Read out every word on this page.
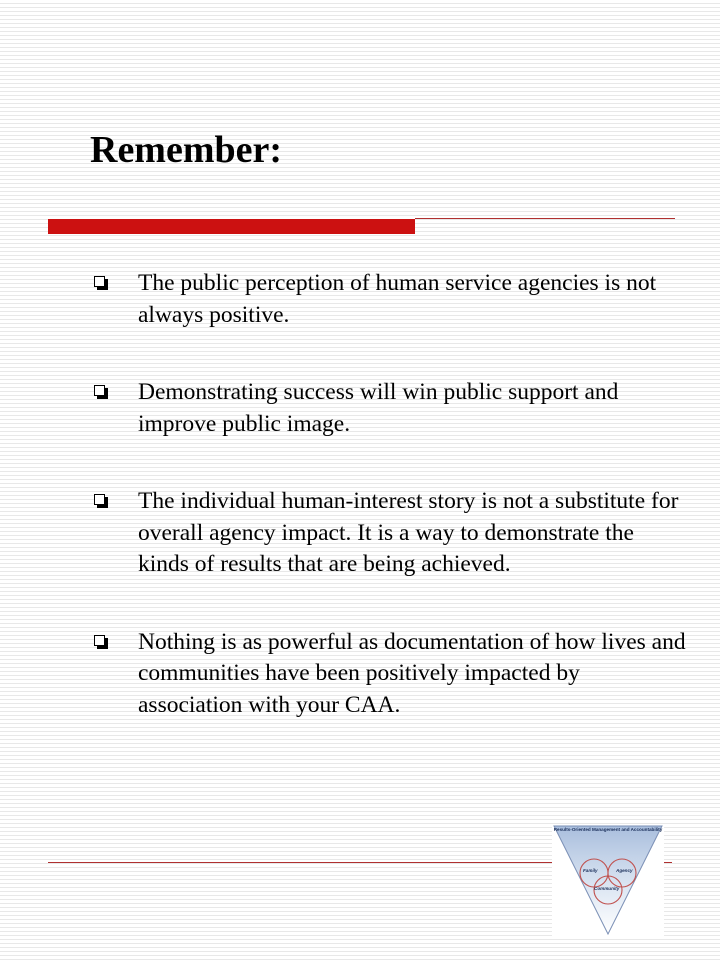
Remember:
The public perception of human service agencies is not always positive.
Demonstrating success will win public support and improve public image.
The individual human-interest story is not a substitute for overall agency impact. It is a way to demonstrate the kinds of results that are being achieved.
Nothing is as powerful as documentation of how lives and communities have been positively impacted by association with your CAA.
Results-Oriented Management and Accountability
Family	Agency
Community
